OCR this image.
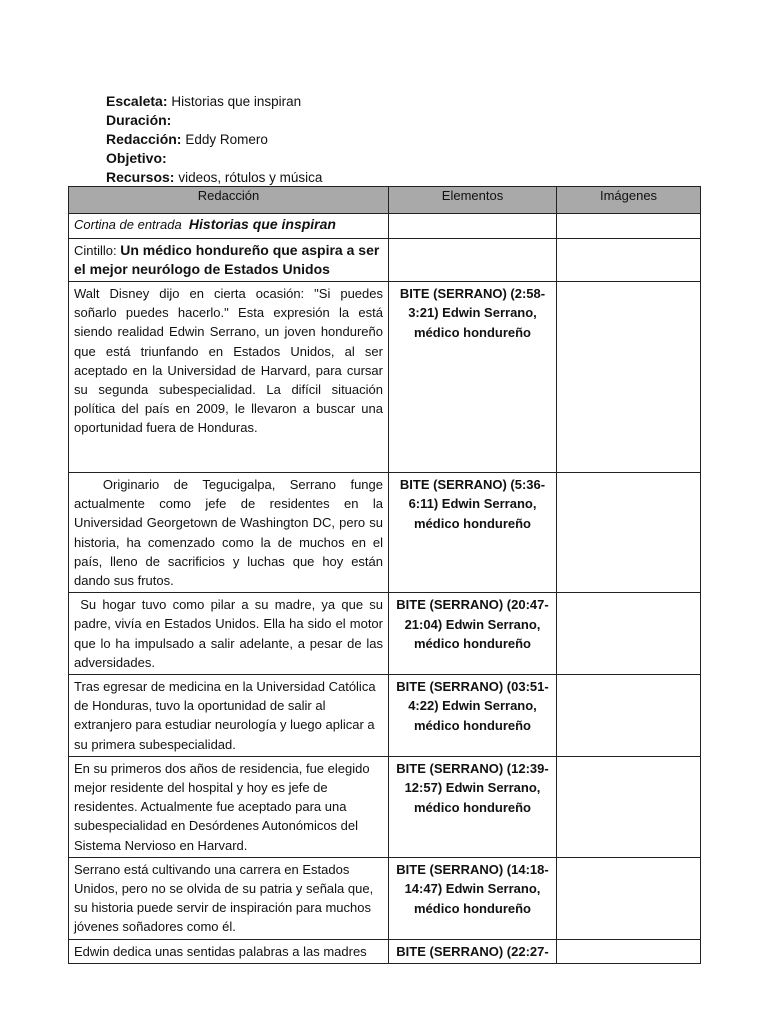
Escaleta: Historias que inspiran
Duración:
Redacción: Eddy Romero
Objetivo:
Recursos: videos, rótulos y música
Redacción	Elementos	Imágenes
Cortina de entrada Historias que inspiran		
Cintillo: Un médico hondureño que aspira a ser el mejor neurólogo de Estados Unidos		
Walt Disney dijo en cierta ocasión: "Si puedes soñarlo puedes hacerlo." Esta expresión la está siendo realidad Edwin Serrano, un joven hondureño que está triunfando en Estados Unidos, al ser aceptado en la Universidad de Harvard, para cursar su segunda subespecialidad. La difícil situación política del país en 2009, le llevaron a buscar una oportunidad fuera de Honduras.	BITE (SERRANO) (2:58-3:21) Edwin Serrano, médico hondureño	
Originario de Tegucigalpa, Serrano funge actualmente como jefe de residentes en la Universidad Georgetown de Washington DC, pero su historia, ha comenzado como la de muchos en el país, lleno de sacrificios y luchas que hoy están dando sus frutos.	BITE (SERRANO) (5:36-6:11) Edwin Serrano, médico hondureño	
Su hogar tuvo como pilar a su madre, ya que su padre, vivía en Estados Unidos. Ella ha sido el motor que lo ha impulsado a salir adelante, a pesar de las adversidades.	BITE (SERRANO) (20:47-21:04) Edwin Serrano, médico hondureño	
Tras egresar de medicina en la Universidad Católica de Honduras, tuvo la oportunidad de salir al extranjero para estudiar neurología y luego aplicar a su primera subespecialidad.	BITE (SERRANO) (03:51-4:22) Edwin Serrano, médico hondureño	
En su primeros dos años de residencia, fue elegido mejor residente del hospital y hoy es jefe de residentes. Actualmente fue aceptado para una subespecialidad en Desórdenes Autonómicos del Sistema Nervioso en Harvard.	BITE (SERRANO) (12:39-12:57) Edwin Serrano, médico hondureño	
Serrano está cultivando una carrera en Estados Unidos, pero no se olvida de su patria y señala que, su historia puede servir de inspiración para muchos jóvenes soñadores como él.	BITE (SERRANO) (14:18-14:47) Edwin Serrano, médico hondureño	
Edwin dedica unas sentidas palabras a las madres	BITE (SERRANO) (22:27-	
